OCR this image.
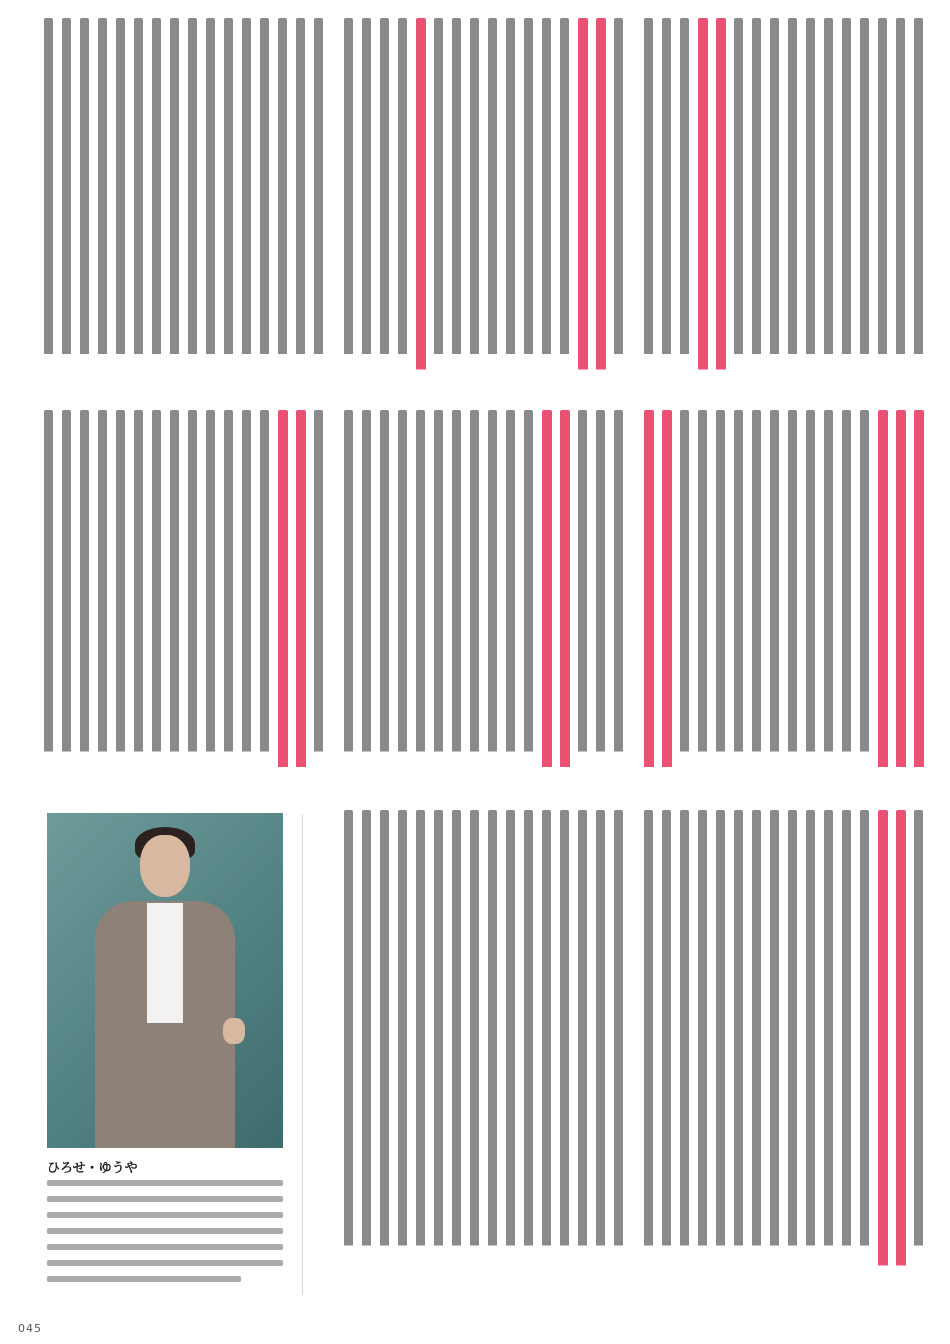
ひろせ・ゆうや
045
